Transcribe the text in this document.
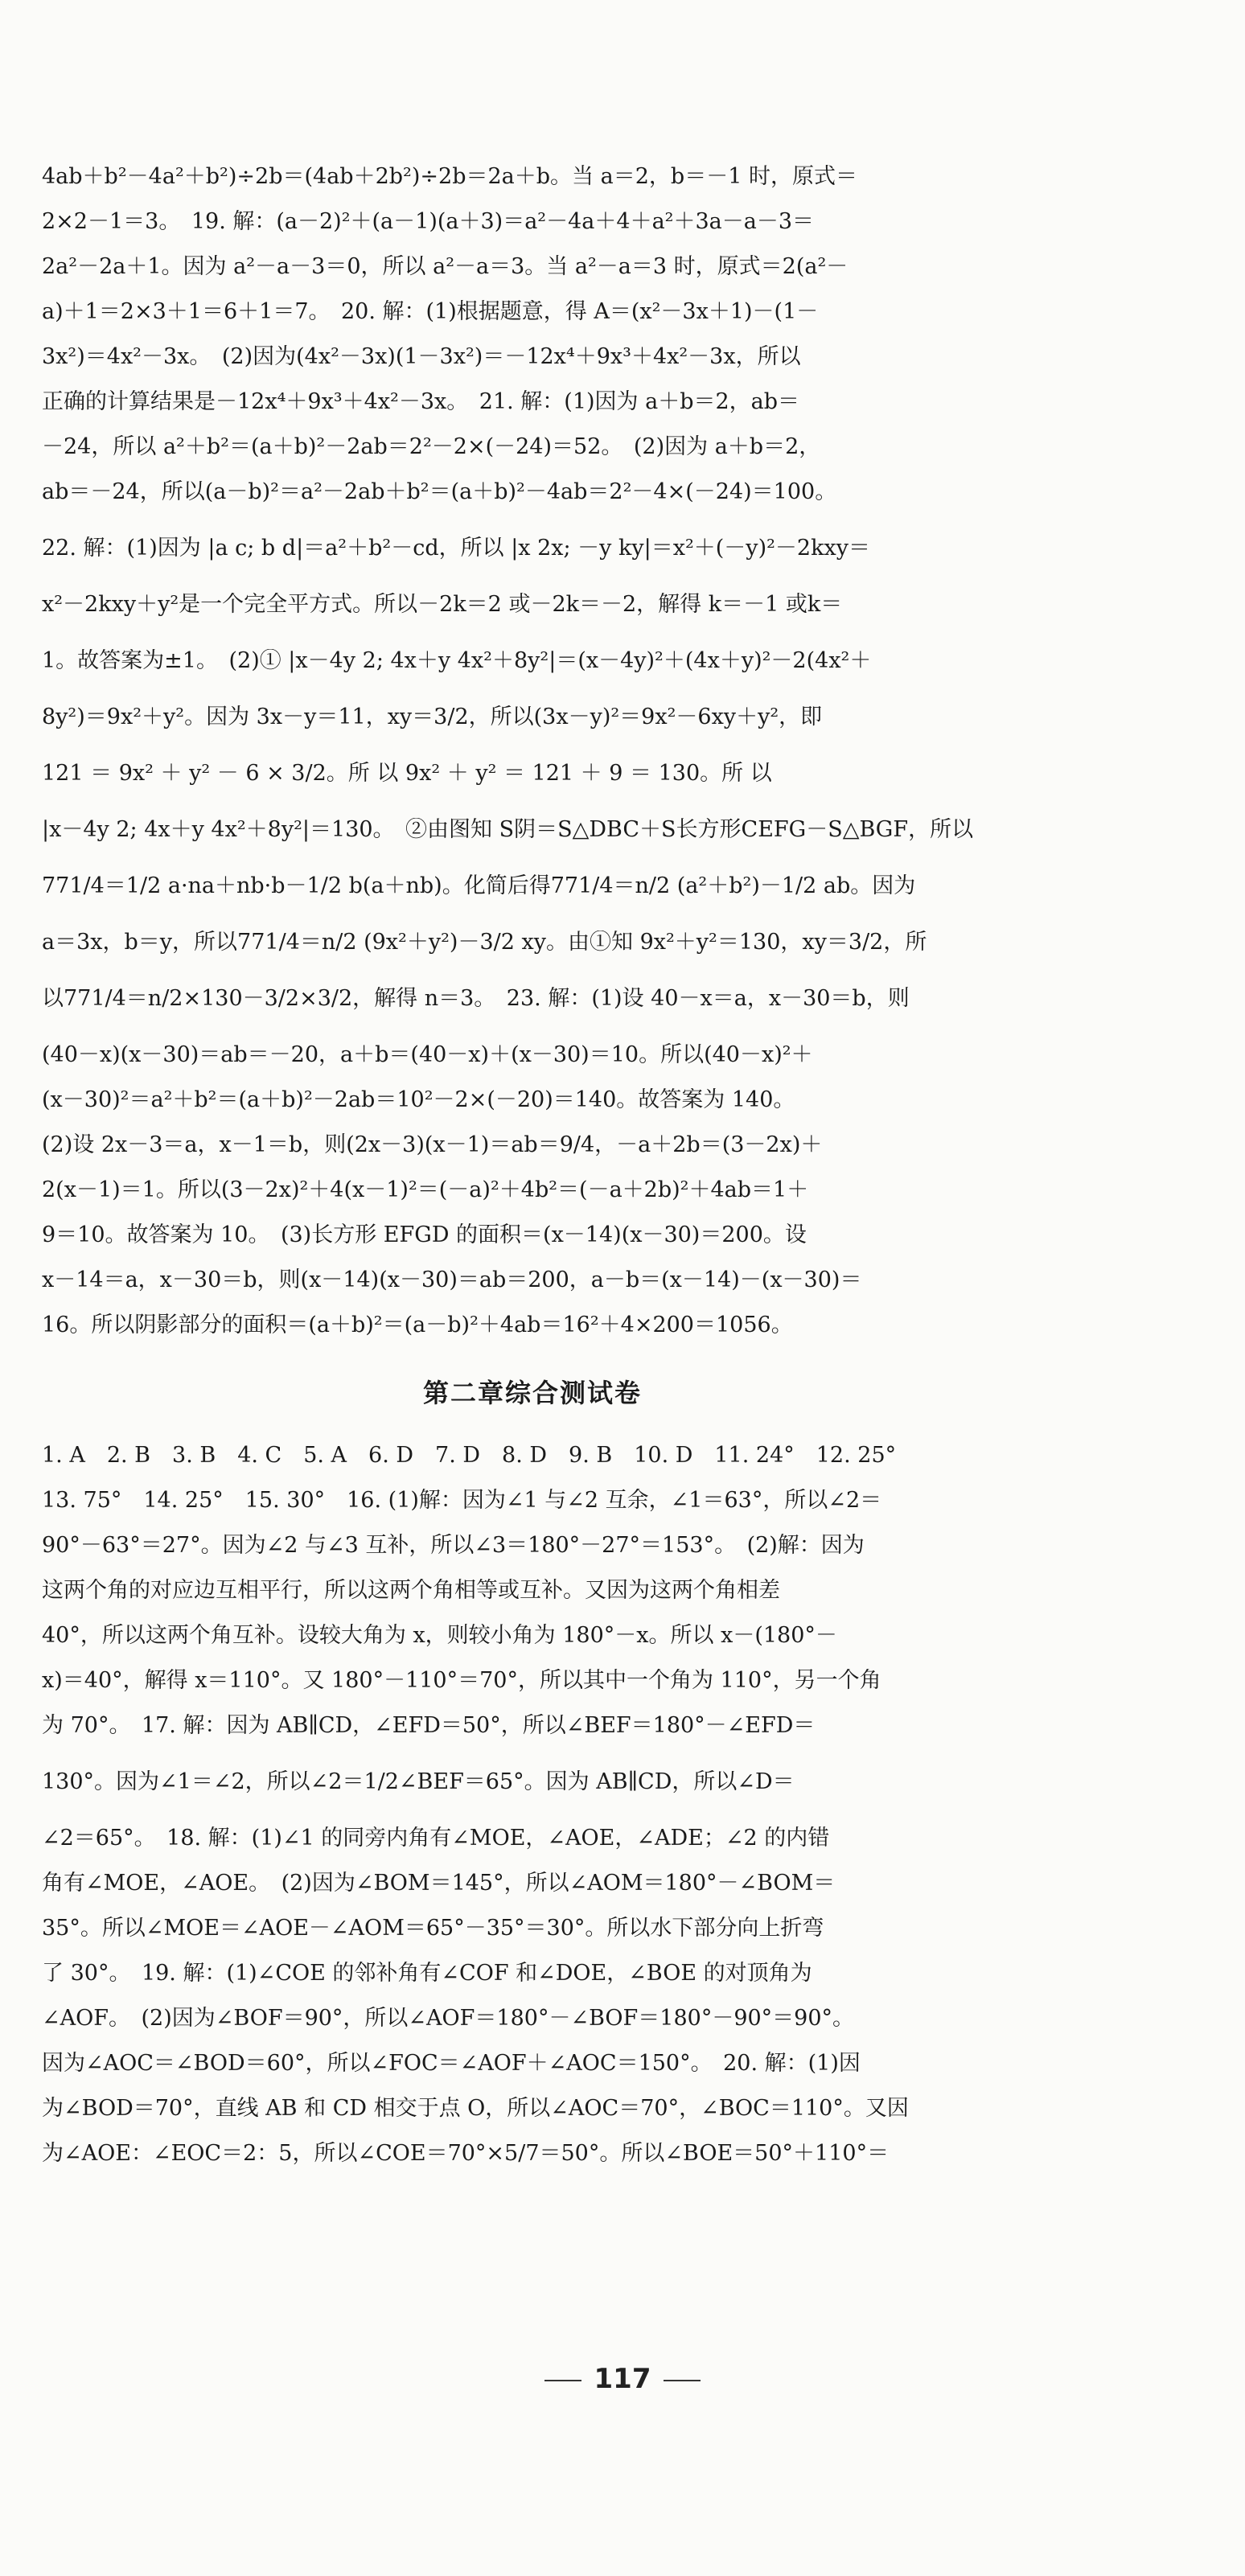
4ab＋b²－4a²＋b²)÷2b＝(4ab＋2b²)÷2b＝2a＋b。当 a＝2，b＝－1 时，原式＝
2×2－1＝3。　19. 解：(a－2)²＋(a－1)(a＋3)＝a²－4a＋4＋a²＋3a－a－3＝
2a²－2a＋1。因为 a²－a－3＝0，所以 a²－a＝3。当 a²－a＝3 时，原式＝2(a²－
a)＋1＝2×3＋1＝6＋1＝7。　20. 解：(1)根据题意，得 A＝(x²－3x＋1)－(1－
3x²)＝4x²－3x。　(2)因为(4x²－3x)(1－3x²)＝－12x⁴＋9x³＋4x²－3x，所以
正确的计算结果是－12x⁴＋9x³＋4x²－3x。　21. 解：(1)因为 a＋b＝2，ab＝
－24，所以 a²＋b²＝(a＋b)²－2ab＝2²－2×(－24)＝52。　(2)因为 a＋b＝2，
ab＝－24，所以(a－b)²＝a²－2ab＋b²＝(a＋b)²－4ab＝2²－4×(－24)＝100。
22. 解：(1)因为 |a c; b d|＝a²＋b²－cd，所以 |x 2x; －y ky|＝x²＋(－y)²－2kxy＝
x²－2kxy＋y²是一个完全平方式。所以－2k＝2 或－2k＝－2，解得 k＝－1 或k＝
1。故答案为±1。　(2)① |x－4y 2; 4x＋y 4x²＋8y²|＝(x－4y)²＋(4x＋y)²－2(4x²＋
8y²)＝9x²＋y²。因为 3x－y＝11，xy＝3/2，所以(3x－y)²＝9x²－6xy＋y²，即
121 ＝ 9x² ＋ y² － 6 × 3/2。所 以 9x² ＋ y² ＝ 121 ＋ 9 ＝ 130。所 以
|x－4y 2; 4x＋y 4x²＋8y²|＝130。　②由图知 S阴＝S△DBC＋S长方形CEFG－S△BGF，所以
771/4＝1/2 a·na＋nb·b－1/2 b(a＋nb)。化简后得771/4＝n/2 (a²＋b²)－1/2 ab。因为
a＝3x，b＝y，所以771/4＝n/2 (9x²＋y²)－3/2 xy。由①知 9x²＋y²＝130，xy＝3/2，所
以771/4＝n/2×130－3/2×3/2，解得 n＝3。　23. 解：(1)设 40－x＝a，x－30＝b，则
(40－x)(x－30)＝ab＝－20，a＋b＝(40－x)＋(x－30)＝10。所以(40－x)²＋
(x－30)²＝a²＋b²＝(a＋b)²－2ab＝10²－2×(－20)＝140。故答案为 140。
(2)设 2x－3＝a，x－1＝b，则(2x－3)(x－1)＝ab＝9/4，－a＋2b＝(3－2x)＋
2(x－1)＝1。所以(3－2x)²＋4(x－1)²＝(－a)²＋4b²＝(－a＋2b)²＋4ab＝1＋
9＝10。故答案为 10。　(3)长方形 EFGD 的面积＝(x－14)(x－30)＝200。设
x－14＝a，x－30＝b，则(x－14)(x－30)＝ab＝200，a－b＝(x－14)－(x－30)＝
16。所以阴影部分的面积＝(a＋b)²＝(a－b)²＋4ab＝16²＋4×200＝1056。
第二章综合测试卷
1. A　2. B　3. B　4. C　5. A　6. D　7. D　8. D　9. B　10. D　11. 24°　12. 25°
13. 75°　14. 25°　15. 30°　16. (1)解：因为∠1 与∠2 互余，∠1＝63°，所以∠2＝
90°－63°＝27°。因为∠2 与∠3 互补，所以∠3＝180°－27°＝153°。　(2)解：因为
这两个角的对应边互相平行，所以这两个角相等或互补。又因为这两个角相差
40°，所以这两个角互补。设较大角为 x，则较小角为 180°－x。所以 x－(180°－
x)＝40°，解得 x＝110°。又 180°－110°＝70°，所以其中一个角为 110°，另一个角
为 70°。　17. 解：因为 AB∥CD，∠EFD＝50°，所以∠BEF＝180°－∠EFD＝
130°。因为∠1＝∠2，所以∠2＝1/2∠BEF＝65°。因为 AB∥CD，所以∠D＝
∠2＝65°。　18. 解：(1)∠1 的同旁内角有∠MOE，∠AOE，∠ADE；∠2 的内错
角有∠MOE，∠AOE。　(2)因为∠BOM＝145°，所以∠AOM＝180°－∠BOM＝
35°。所以∠MOE＝∠AOE－∠AOM＝65°－35°＝30°。所以水下部分向上折弯
了 30°。　19. 解：(1)∠COE 的邻补角有∠COF 和∠DOE，∠BOE 的对顶角为
∠AOF。　(2)因为∠BOF＝90°，所以∠AOF＝180°－∠BOF＝180°－90°＝90°。
因为∠AOC＝∠BOD＝60°，所以∠FOC＝∠AOF＋∠AOC＝150°。　20. 解：(1)因
为∠BOD＝70°，直线 AB 和 CD 相交于点 O，所以∠AOC＝70°，∠BOC＝110°。又因
为∠AOE：∠EOC＝2：5，所以∠COE＝70°×5/7＝50°。所以∠BOE＝50°＋110°＝
117
